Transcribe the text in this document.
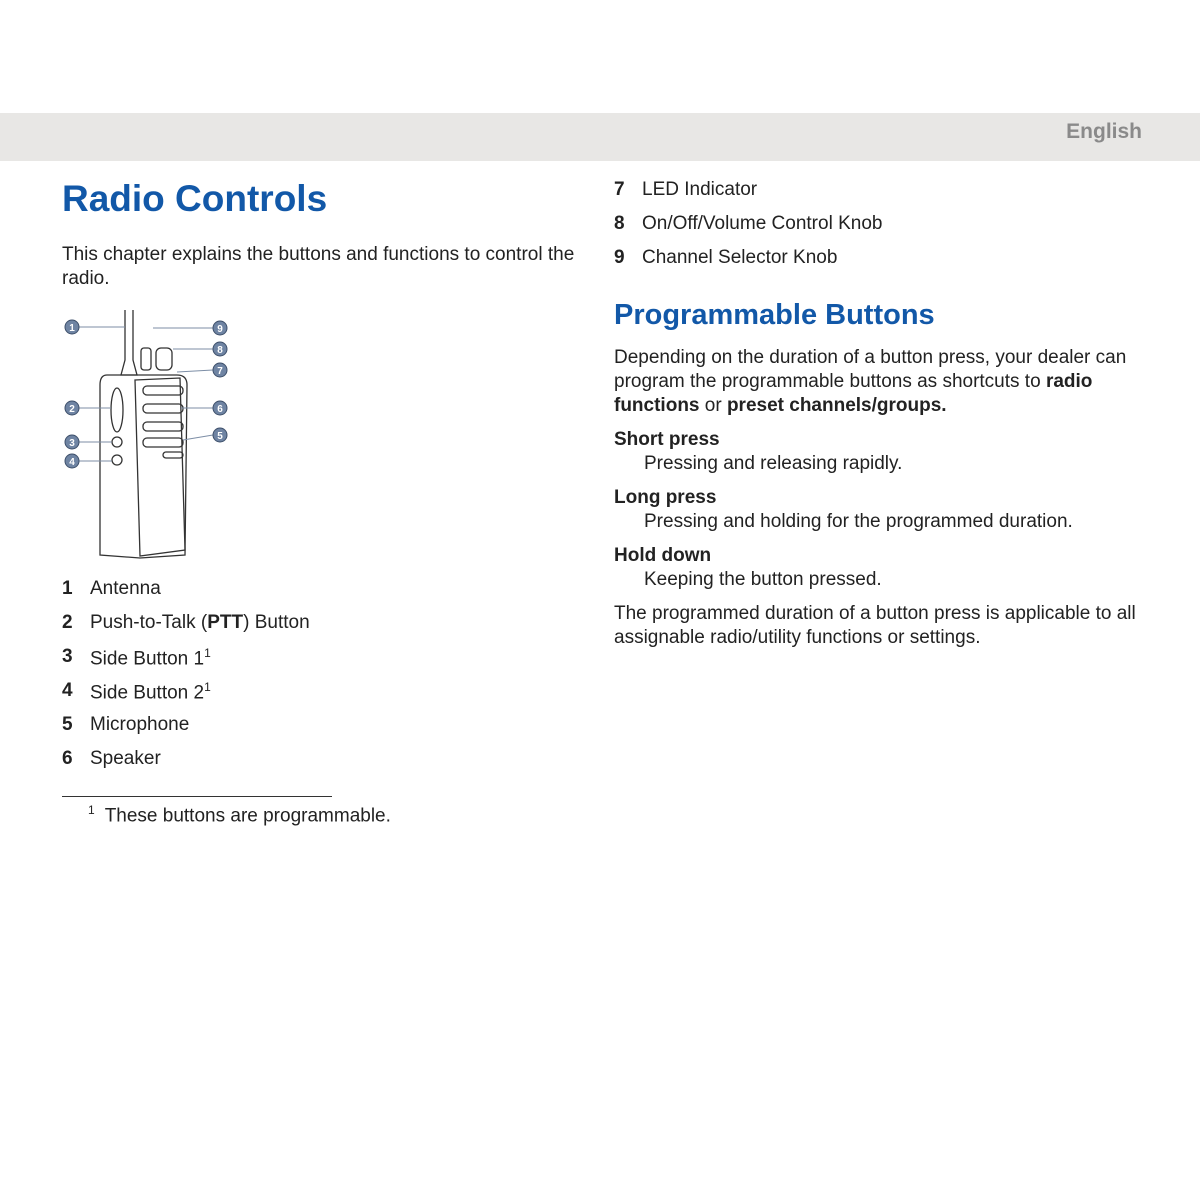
English
Radio Controls
This chapter explains the buttons and functions to control the radio.
1
2
3
4
5
6
7
8
9
1 Antenna
2 Push-to-Talk (PTT) Button
3 Side Button $1^1$
4 Side Button $2^1$
5 Microphone
6 Speaker
$^1$ These buttons are programmable.
7 LED Indicator
8 On/Off/Volume Control Knob
9 Channel Selector Knob
Programmable Buttons
Depending on the duration of a button press, your dealer can program the programmable buttons as shortcuts to radio functions or preset channels/groups.
Short press
Pressing and releasing rapidly.
Long press
Pressing and holding for the programmed duration.
Hold down
Keeping the button pressed.
The programmed duration of a button press is applicable to all assignable radio/utility functions or settings.
